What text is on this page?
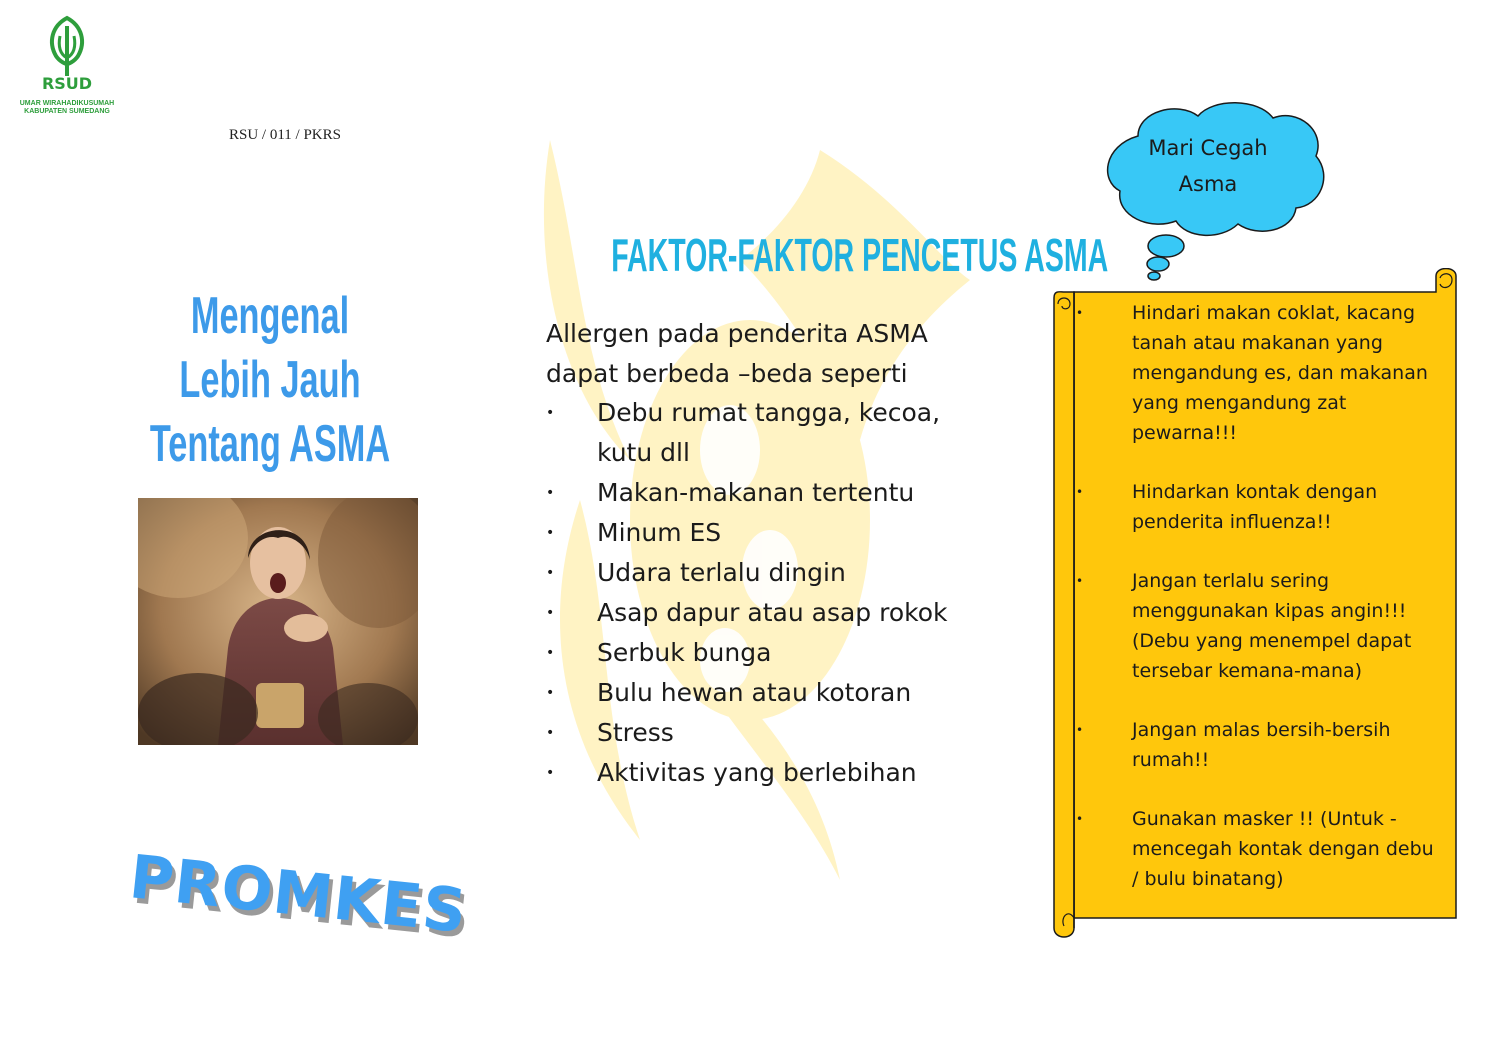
RSUD
UMAR WIRAHADIKUSUMAH
KABUPATEN SUMEDANG
RSU / 011 / PKRS
Mengenal Lebih Jauh
Tentang ASMA
PROMKES
FAKTOR-FAKTOR PENCETUS ASMA
Allergen pada penderita ASMA
dapat berbeda –beda seperti
• Debu rumat tangga, kecoa, kutu dll
• Makan-makanan tertentu
• Minum ES
• Udara terlalu dingin
• Asap dapur atau asap rokok
• Serbuk bunga
• Bulu hewan atau kotoran
• Stress
• Aktivitas yang berlebihan
Mari Cegah
Asma
•	Hindari makan coklat, kacang tanah atau makanan yang mengandung es, dan makanan yang mengandung zat pewarna!!!
•	Hindarkan kontak dengan penderita influenza!!
•	Jangan terlalu sering menggunakan kipas angin!!!
(Debu yang menempel dapat tersebar kemana-mana)
•	Jangan malas bersih-bersih rumah!!
•	Gunakan masker !! (Untuk - mencegah kontak dengan debu / bulu binatang)
